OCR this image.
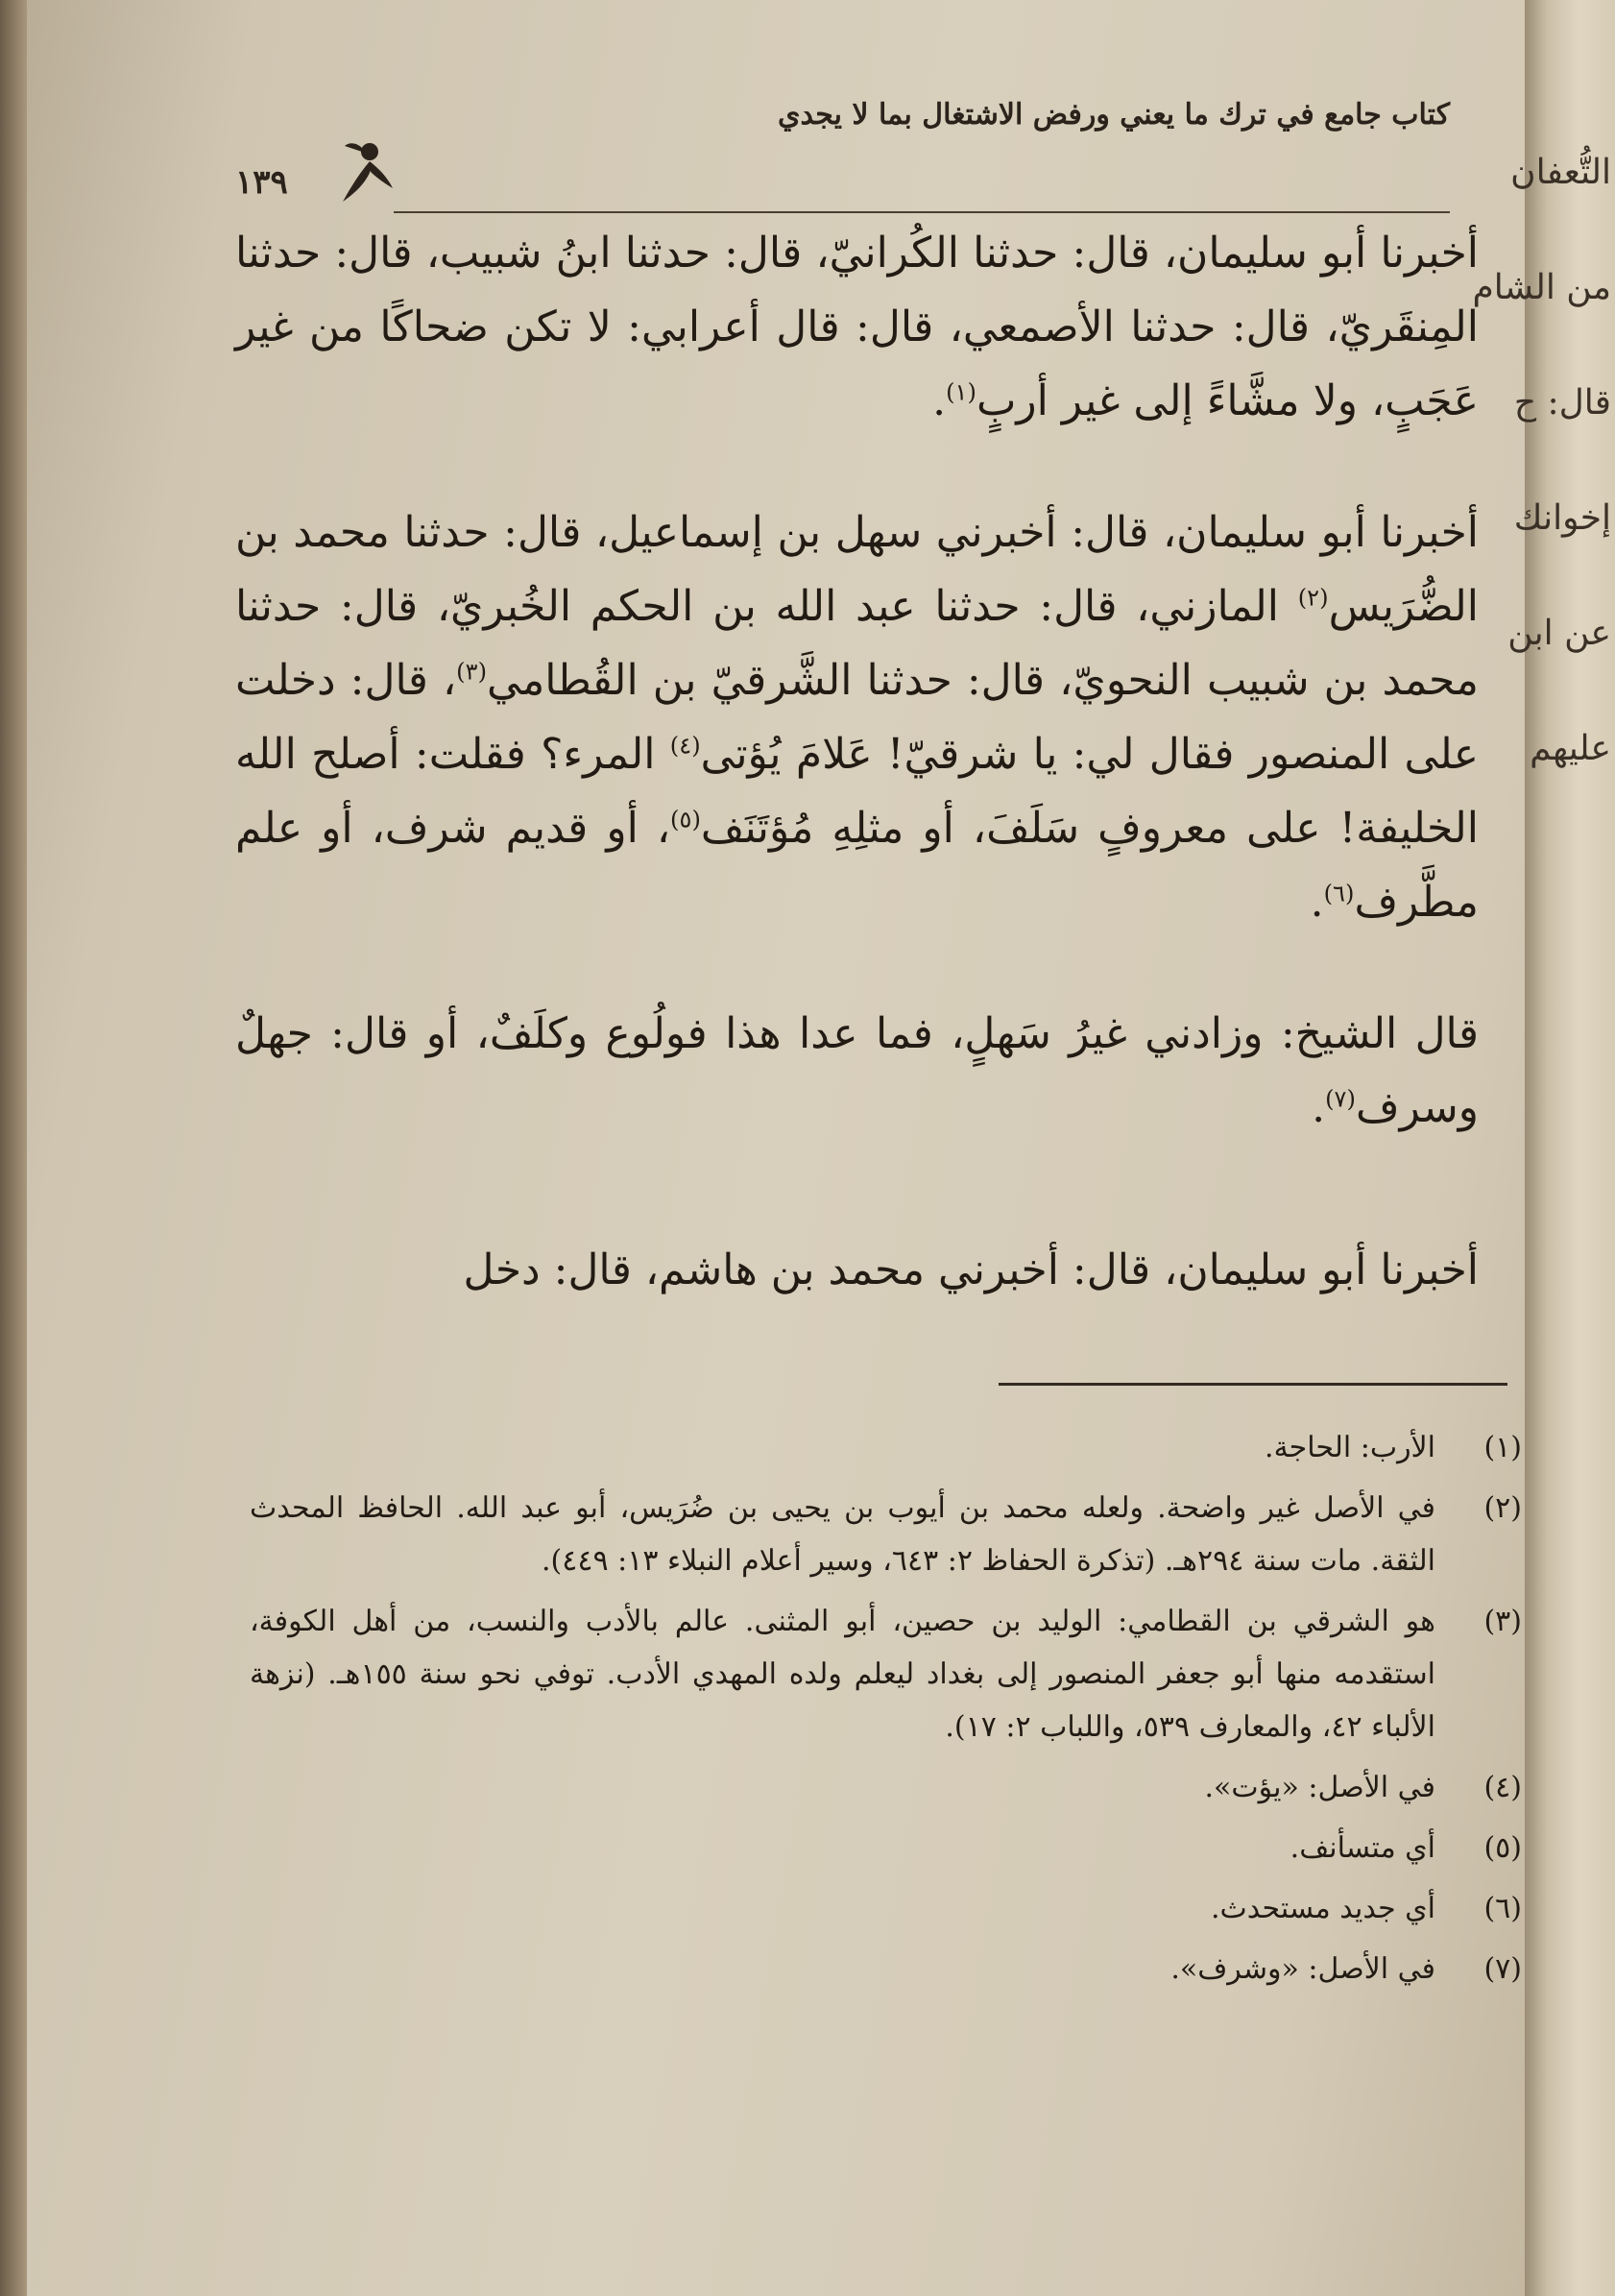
التُّعفان
من الشام
قال: ح
إخوانك
عن ابن
عليهم
كتاب جامع في ترك ما يعني ورفض الاشتغال بما لا يجدي
١٣٩

أخبرنا أبو سليمان، قال: حدثنا الكُرانيّ، قال: حدثنا ابنُ شبيب، قال: حدثنا المِنقَريّ، قال: حدثنا الأصمعي، قال: قال أعرابي: لا تكن ضحاكًا من غير عَجَبٍ، ولا مشَّاءً إلى غير أربٍ$^{(١)}$.

أخبرنا أبو سليمان، قال: أخبرني سهل بن إسماعيل، قال: حدثنا محمد بن الضُّرَيس$^{(٢)}$ المازني، قال: حدثنا عبد الله بن الحكم الخُبريّ، قال: حدثنا محمد بن شبيب النحويّ، قال: حدثنا الشَّرقيّ بن القُطامي$^{(٣)}$، قال: دخلت على المنصور فقال لي: يا شرقيّ! عَلامَ يُؤتى$^{(٤)}$ المرء؟ فقلت: أصلح الله الخليفة! على معروفٍ سَلَفَ، أو مثلِهِ مُؤتَنَف$^{(٥)}$، أو قديم شرف، أو علم مطَّرف$^{(٦)}$.

قال الشيخ: وزادني غيرُ سَهلٍ، فما عدا هذا فولُوع وكلَفٌ، أو قال: جهلٌ وسرف$^{(٧)}$.

أخبرنا أبو سليمان، قال: أخبرني محمد بن هاشم، قال: دخل

(١)
الأرب: الحاجة.
(٢)
في الأصل غير واضحة. ولعله محمد بن أيوب بن يحيى بن ضُرَيس، أبو عبد الله. الحافظ المحدث الثقة. مات سنة ٢٩٤هـ. (تذكرة الحفاظ ٢: ٦٤٣، وسير أعلام النبلاء ١٣: ٤٤٩).
(٣)
هو الشرقي بن القطامي: الوليد بن حصين، أبو المثنى. عالم بالأدب والنسب، من أهل الكوفة، استقدمه منها أبو جعفر المنصور إلى بغداد ليعلم ولده المهدي الأدب. توفي نحو سنة ١٥٥هـ. (نزهة الألباء ٤٢، والمعارف ٥٣٩، واللباب ٢: ١٧).
(٤)
في الأصل: «يؤت».
(٥)
أي متسأنف.
(٦)
أي جديد مستحدث.
(٧)
في الأصل: «وشرف».
